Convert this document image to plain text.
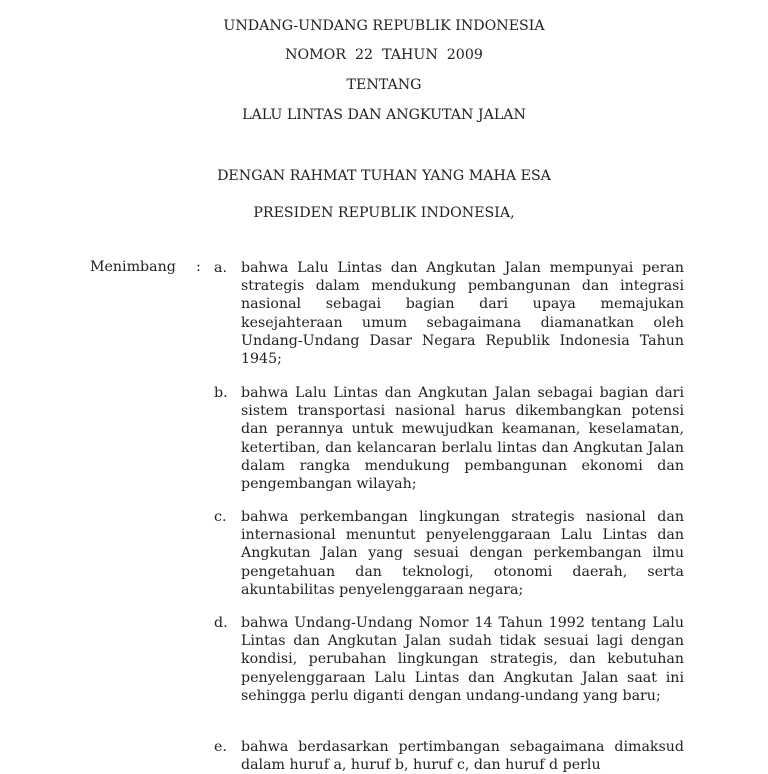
UNDANG-UNDANG REPUBLIK INDONESIA
NOMOR  22  TAHUN  2009
TENTANG
LALU LINTAS DAN ANGKUTAN JALAN
DENGAN RAHMAT TUHAN YANG MAHA ESA
PRESIDEN REPUBLIK INDONESIA,
Menimbang : a. bahwa Lalu Lintas dan Angkutan Jalan mempunyai peran strategis dalam mendukung pembangunan dan integrasi nasional sebagai bagian dari upaya memajukan kesejahteraan umum sebagaimana diamanatkan oleh Undang-Undang Dasar Negara Republik Indonesia Tahun 1945;
b. bahwa Lalu Lintas dan Angkutan Jalan sebagai bagian dari sistem transportasi nasional harus dikembangkan potensi dan perannya untuk mewujudkan keamanan, keselamatan, ketertiban, dan kelancaran berlalu lintas dan Angkutan Jalan dalam rangka mendukung pembangunan ekonomi dan pengembangan wilayah;
c. bahwa perkembangan lingkungan strategis nasional dan internasional menuntut penyelenggaraan Lalu Lintas dan Angkutan Jalan yang sesuai dengan perkembangan ilmu pengetahuan dan teknologi, otonomi daerah, serta akuntabilitas penyelenggaraan negara;
d. bahwa Undang-Undang Nomor 14 Tahun 1992 tentang Lalu Lintas dan Angkutan Jalan sudah tidak sesuai lagi dengan kondisi, perubahan lingkungan strategis, dan kebutuhan penyelenggaraan Lalu Lintas dan Angkutan Jalan saat ini sehingga perlu diganti dengan undang-undang yang baru;
e. bahwa berdasarkan pertimbangan sebagaimana dimaksud dalam huruf a, huruf b, huruf c, dan huruf d perlu
